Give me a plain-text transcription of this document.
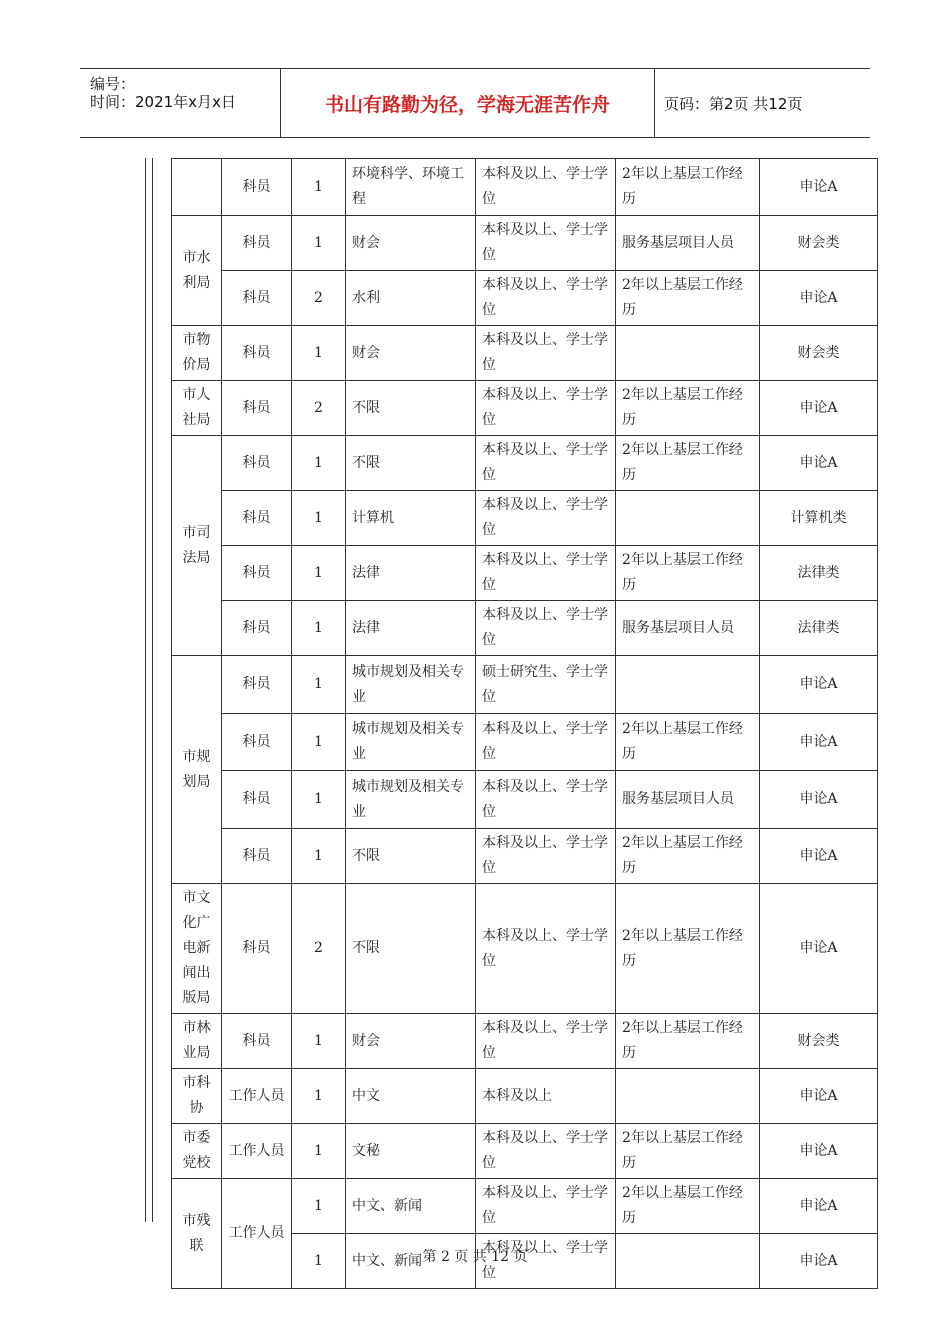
编号：
时间：2021年x月x日	书山有路勤为径，学海无涯苦作舟	页码：第2页 共12页
	科员	1	环境科学、环境工程	本科及以上、学士学位	2年以上基层工作经历	申论A
市水利局	科员	1	财会	本科及以上、学士学位	服务基层项目人员	财会类
	科员	2	水利	本科及以上、学士学位	2年以上基层工作经历	申论A
市物价局	科员	1	财会	本科及以上、学士学位		财会类
市人社局	科员	2	不限	本科及以上、学士学位	2年以上基层工作经历	申论A
市司法局	科员	1	不限	本科及以上、学士学位	2年以上基层工作经历	申论A
	科员	1	计算机	本科及以上、学士学位		计算机类
	科员	1	法律	本科及以上、学士学位	2年以上基层工作经历	法律类
	科员	1	法律	本科及以上、学士学位	服务基层项目人员	法律类
市规划局	科员	1	城市规划及相关专业	硕士研究生、学士学位		申论A
	科员	1	城市规划及相关专业	本科及以上、学士学位	2年以上基层工作经历	申论A
	科员	1	城市规划及相关专业	本科及以上、学士学位	服务基层项目人员	申论A
	科员	1	不限	本科及以上、学士学位	2年以上基层工作经历	申论A
市文化广电新闻出版局	科员	2	不限	本科及以上、学士学位	2年以上基层工作经历	申论A
市林业局	科员	1	财会	本科及以上、学士学位	2年以上基层工作经历	财会类
市科协	工作人员	1	中文	本科及以上		申论A
市委党校	工作人员	1	文秘	本科及以上、学士学位	2年以上基层工作经历	申论A
市残联	工作人员	1	中文、新闻	本科及以上、学士学位	2年以上基层工作经历	申论A
		1	中文、新闻	本科及以上、学士学位		申论A
第 2 页 共 12 页
